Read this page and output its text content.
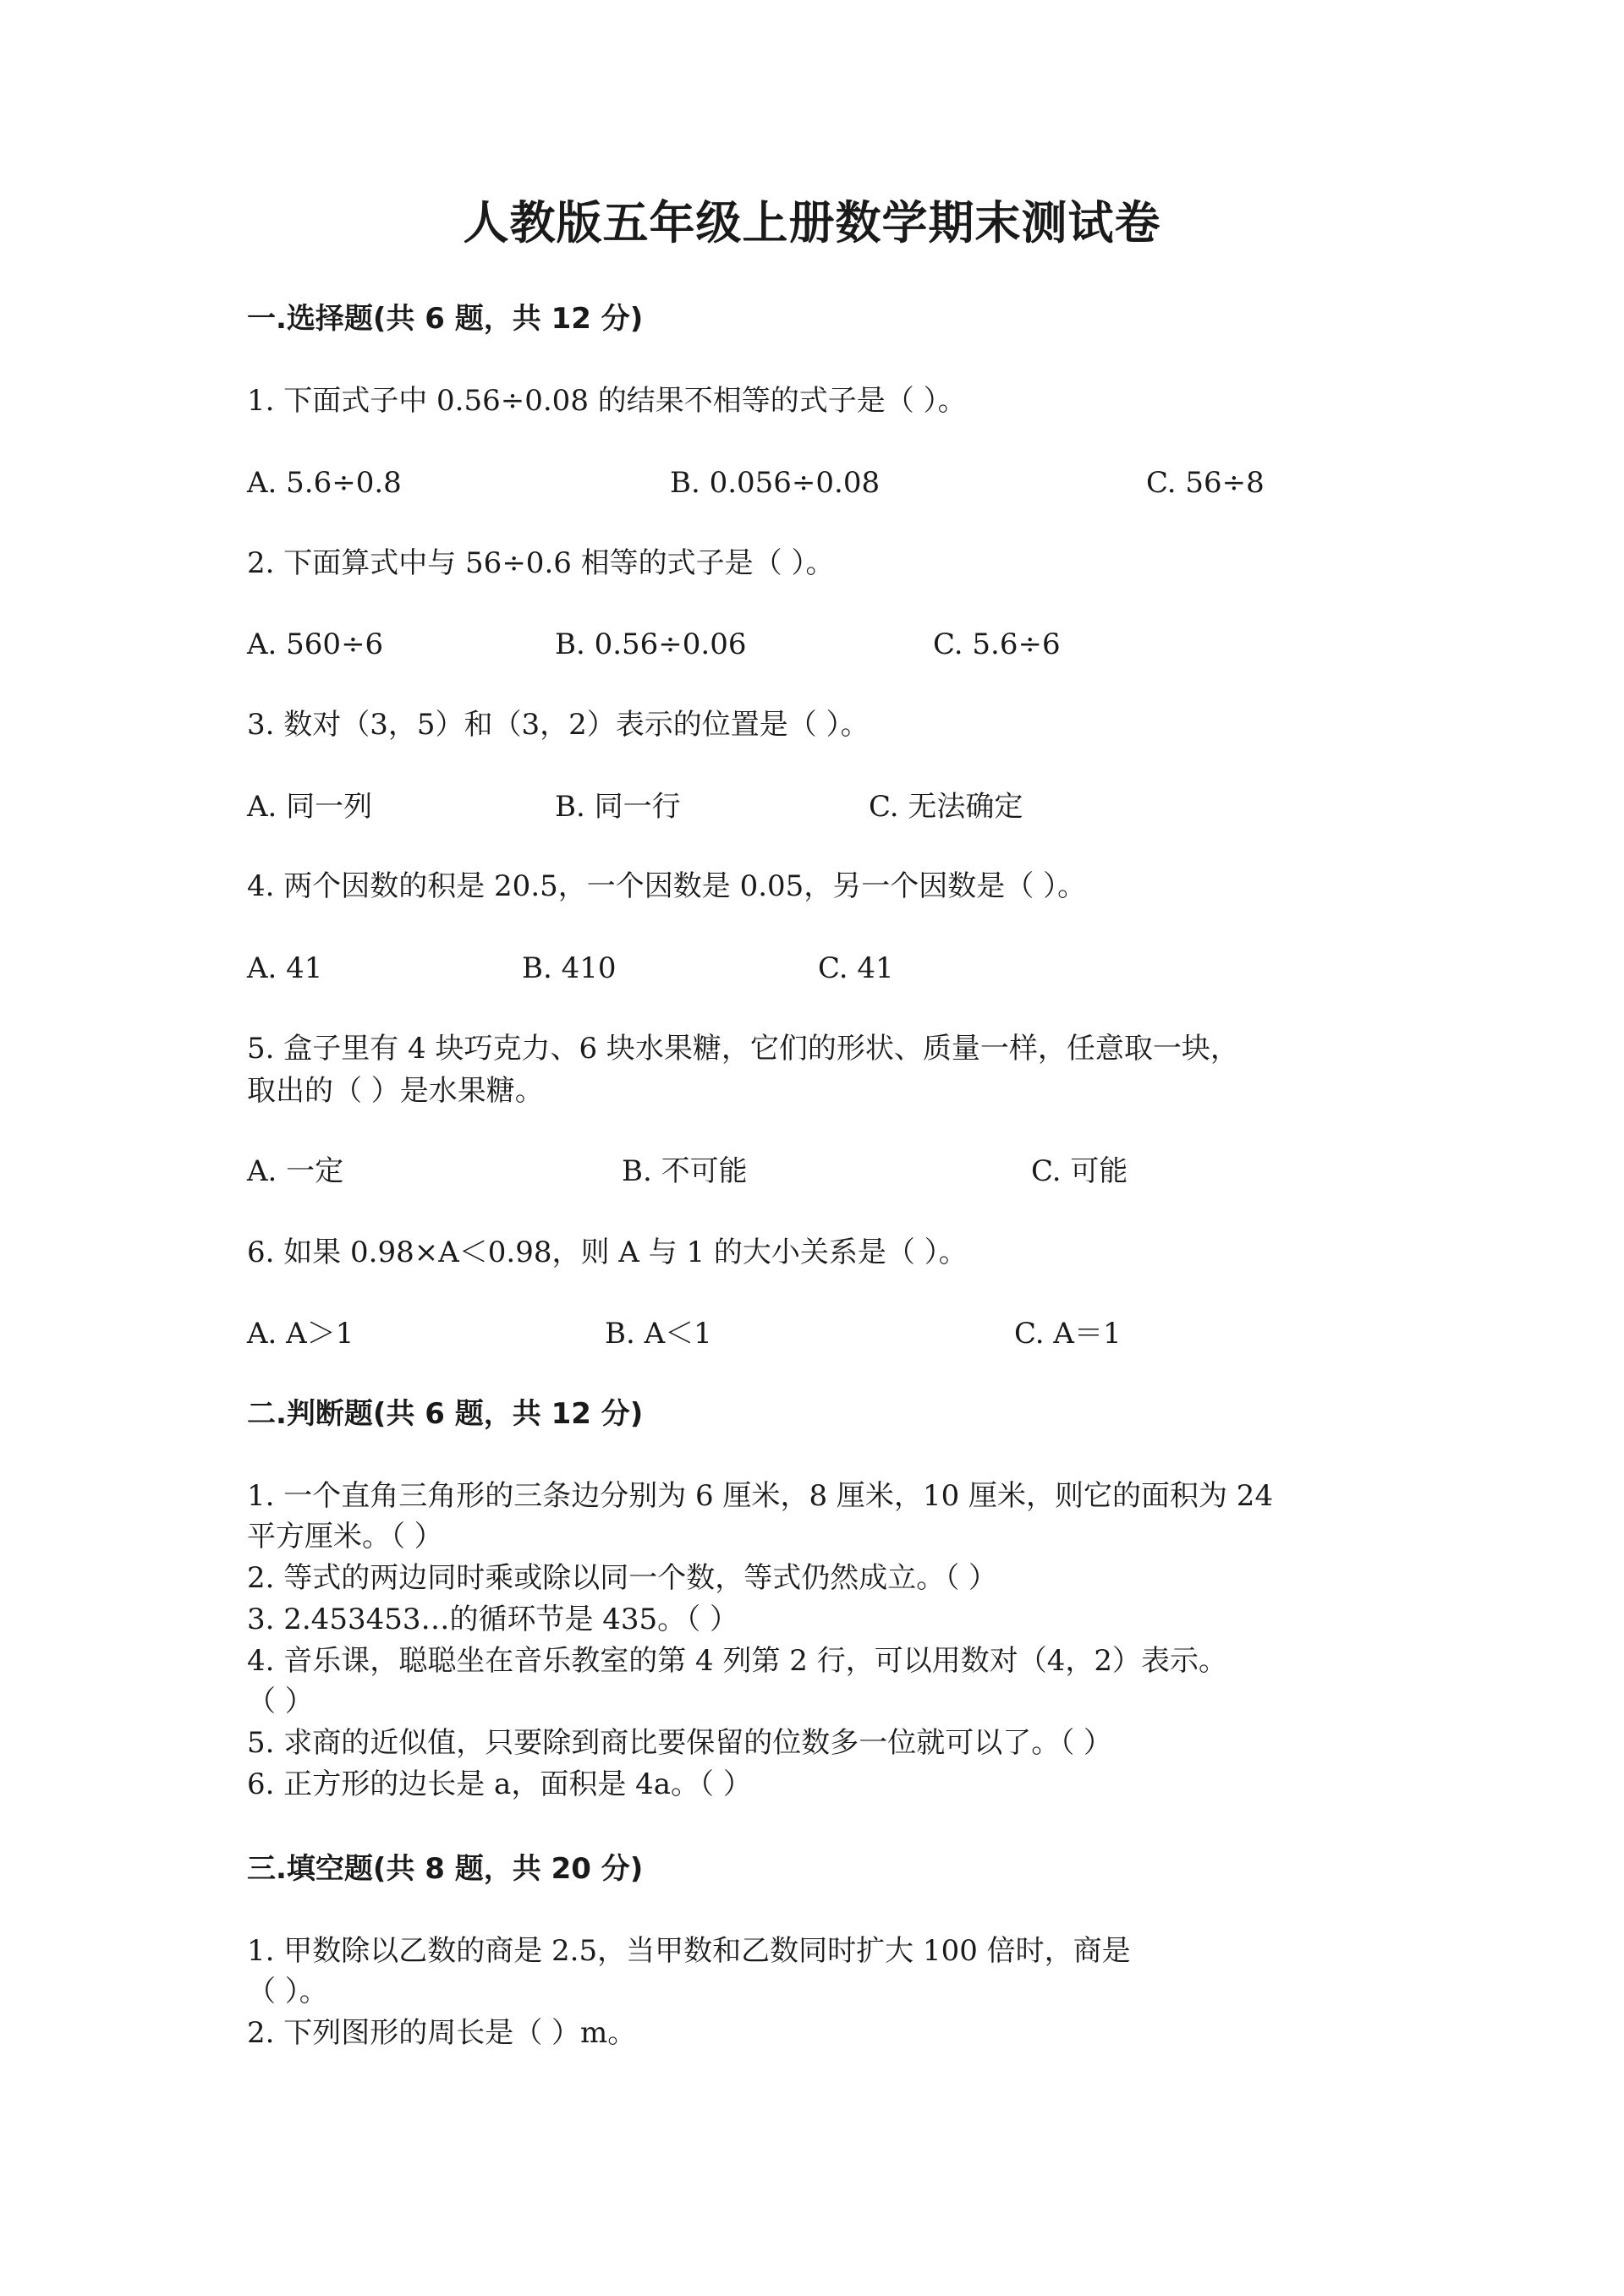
人教版五年级上册数学期末测试卷
一.选择题(共 6 题，共 12 分)
1. 下面式子中 0.56÷0.08 的结果不相等的式子是（ ）。
A. 5.6÷0.8	B. 0.056÷0.08	C. 56÷8
2. 下面算式中与 56÷0.6 相等的式子是（ ）。
A. 560÷6	B. 0.56÷0.06	C. 5.6÷6
3. 数对（3，5）和（3，2）表示的位置是（ ）。
A. 同一列	B. 同一行	C. 无法确定
4. 两个因数的积是 20.5，一个因数是 0.05，另一个因数是（ ）。
A. 41	B. 410	C. 41
5. 盒子里有 4 块巧克力、6 块水果糖，它们的形状、质量一样，任意取一块，
取出的（ ）是水果糖。
A. 一定	B. 不可能	C. 可能
6. 如果 0.98×A＜0.98，则 A 与 1 的大小关系是（ ）。
A. A＞1	B. A＜1	C. A＝1
二.判断题(共 6 题，共 12 分)
1. 一个直角三角形的三条边分别为 6 厘米，8 厘米，10 厘米，则它的面积为 24
平方厘米。（ ）
2. 等式的两边同时乘或除以同一个数，等式仍然成立。（ ）
3. 2.453453…的循环节是 435。（ ）
4. 音乐课，聪聪坐在音乐教室的第 4 列第 2 行，可以用数对（4，2）表示。
（ ）
5. 求商的近似值，只要除到商比要保留的位数多一位就可以了。（ ）
6. 正方形的边长是 a，面积是 4a。（ ）
三.填空题(共 8 题，共 20 分)
1. 甲数除以乙数的商是 2.5，当甲数和乙数同时扩大 100 倍时，商是
（ ）。
2. 下列图形的周长是（ ）m。
